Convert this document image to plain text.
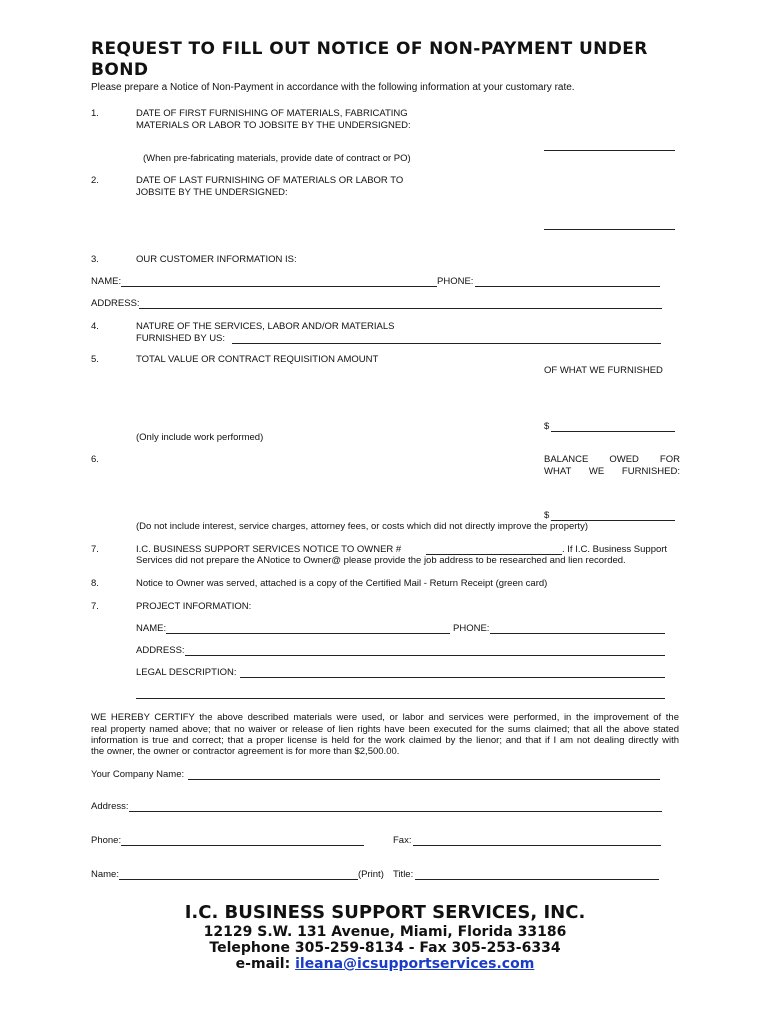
REQUEST TO FILL OUT NOTICE OF NON-PAYMENT UNDER
BOND
Please prepare a Notice of Non-Payment in accordance with the following information at your customary rate.
1.	DATE OF FIRST FURNISHING OF MATERIALS, FABRICATING
MATERIALS OR LABOR TO JOBSITE BY THE UNDERSIGNED:
(When pre-fabricating materials, provide date of contract or PO)
2.	DATE OF LAST FURNISHING OF MATERIALS OR LABOR TO
JOBSITE BY THE UNDERSIGNED:
3.	OUR CUSTOMER INFORMATION IS:
NAME:	PHONE:
ADDRESS:
4.	NATURE OF THE SERVICES, LABOR AND/OR MATERIALS
FURNISHED BY US:
5.	TOTAL VALUE OR CONTRACT REQUISITION AMOUNT
OF WHAT WE FURNISHED
$
(Only include work performed)
6.	BALANCE OWED FOR
WHAT WE FURNISHED:
$
(Do not include interest, service charges, attorney fees, or costs which did not directly improve the property)
7.	I.C. BUSINESS SUPPORT SERVICES NOTICE TO OWNER #	. If I.C. Business Support
Services did not prepare the ANotice to Owner@ please provide the job address to be researched and lien recorded.
8.	Notice to Owner was served, attached is a copy of the Certified Mail - Return Receipt (green card)
7.	PROJECT INFORMATION:
NAME:	PHONE:
ADDRESS:
LEGAL DESCRIPTION:
WE HEREBY CERTIFY the above described materials were used, or labor and services were performed, in the improvement of the
real property named above; that no waiver or release of lien rights have been executed for the sums claimed; that all the above stated
information is true and correct; that a proper license is held for the work claimed by the lienor; and that if I am not dealing directly with
the owner, the owner or contractor agreement is for more than $2,500.00.
Your Company Name:
Address:
Phone:	Fax:
Name:	(Print) Title:
I.C. BUSINESS SUPPORT SERVICES, INC.
12129 S.W. 131 Avenue, Miami, Florida 33186
Telephone 305-259-8134 - Fax 305-253-6334
e-mail: ileana@icsupportservices.com
